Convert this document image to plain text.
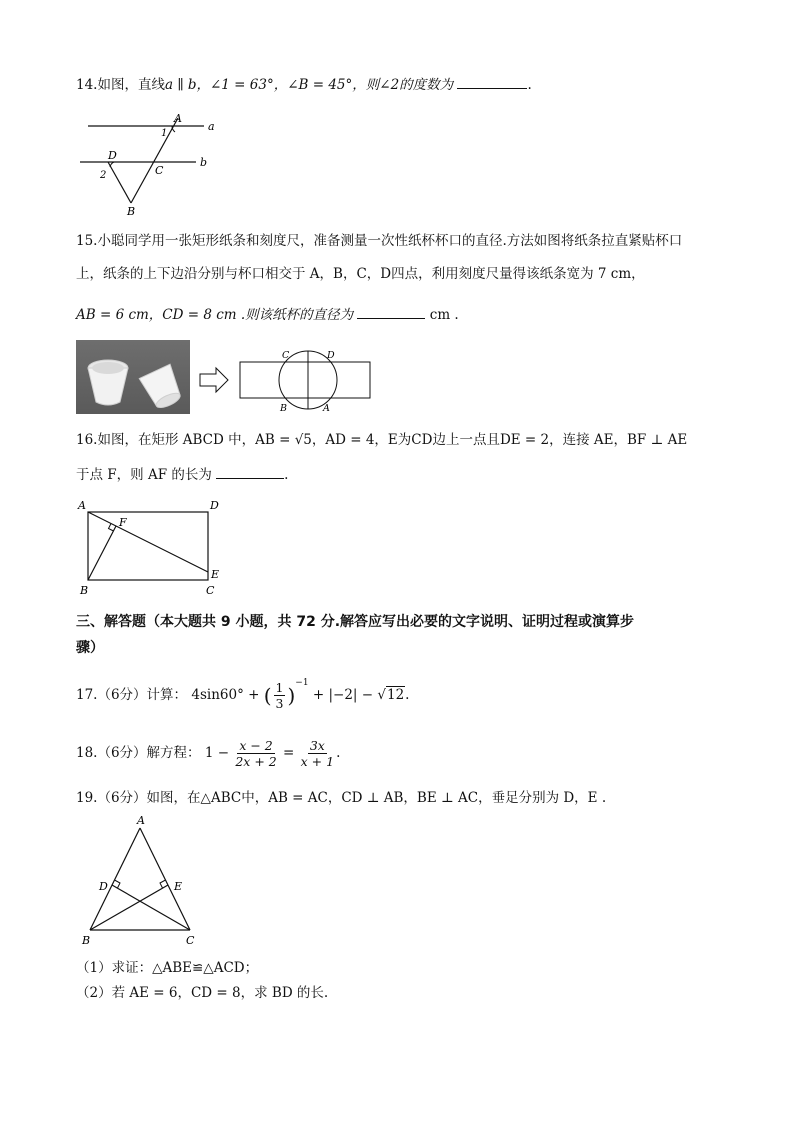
14.如图，直线a ∥ b，∠1 = 63°，∠B = 45°，则∠2的度数为	.
A
a
1
D
C
b
2
B
15.小聪同学用一张矩形纸条和刻度尺，准备测量一次性纸杯杯口的直径.方法如图将纸条拉直紧贴杯口
上，纸条的上下边沿分别与杯口相交于 A，B，C，D四点，利用刻度尺量得该纸条宽为 7 cm，
AB = 6 cm，CD = 8 cm .则该纸杯的直径为	cm .
C	D
B	A
16.如图，在矩形 ABCD 中，AB = √5，AD = 4，E为CD边上一点且DE = 2，连接 AE，BF ⊥ AE
于点 F，则 AF 的长为	.
A	D
F
B
E
C
三、解答题（本大题共 9 小题，共 72 分.解答应写出必要的文字说明、证明过程或演算步
骤）
17.（6分）计算： 4sin60° + ( $\frac{1}{3} )^{-1} + |-2| - √12$.
18.（6分）解方程： $1 - \frac{x - 2}{2x + 2} = \frac{3x}{x + 1}$ .
19.（6分）如图，在△ABC中，AB = AC，CD ⊥ AB，BE ⊥ AC，垂足分别为 D，E .
A
D	E
B	C
（1）求证：△ABE≌△ACD；
（2）若 AE = 6，CD = 8，求 BD 的长.
